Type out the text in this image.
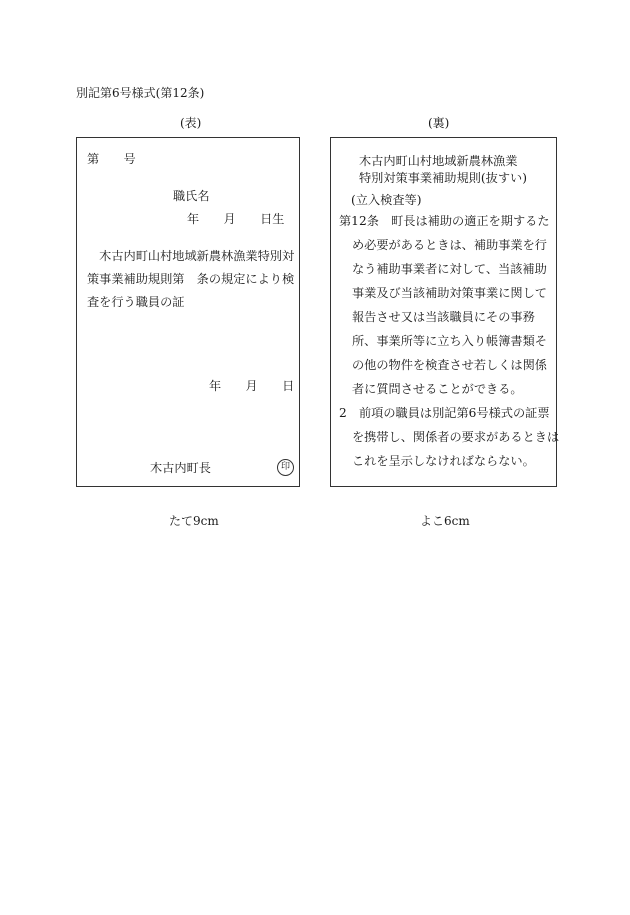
別記第6号様式(第12条)
(表)	(裏)
第　　号
職氏名
年　　月　　日生
　木古内町山村地域新農林漁業特別対
策事業補助規則第　条の規定により検
査を行う職員の証
年　　月　　日
木古内町長	印
木古内町山村地域新農林漁業
特別対策事業補助規則(抜すい)
(立入検査等)
第12条　町長は補助の適正を期するた
め必要があるときは、補助事業を行
なう補助事業者に対して、当該補助
事業及び当該補助対策事業に関して
報告させ又は当該職員にその事務
所、事業所等に立ち入り帳簿書類そ
の他の物件を検査させ若しくは関係
者に質問させることができる。
2　前項の職員は別記第6号様式の証票
を携帯し、関係者の要求があるときは
これを呈示しなければならない。
たて9cm	よこ6cm
